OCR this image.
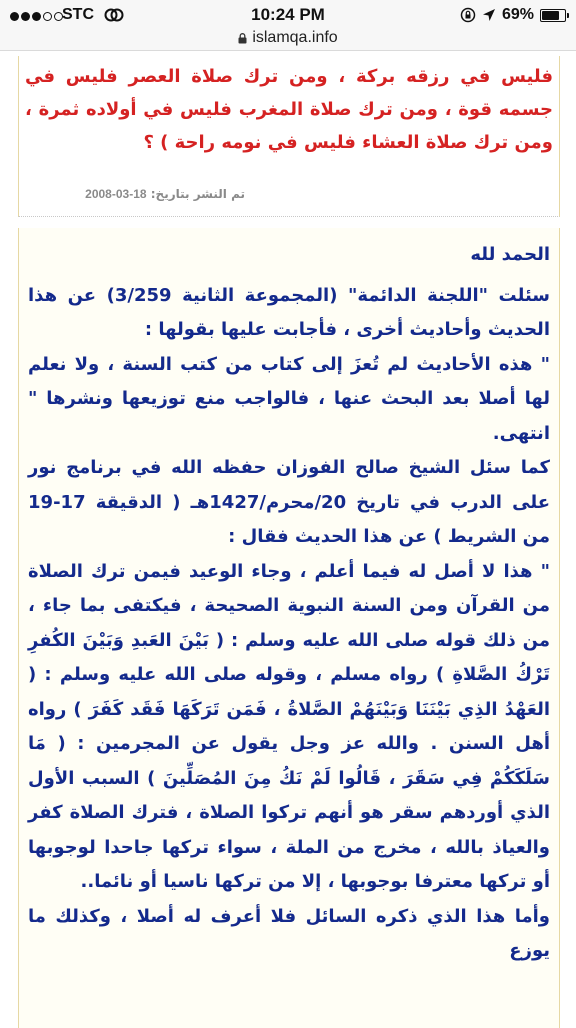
STC	10:24 PM	69%
islamqa.info

فليس في رزقه بركة ، ومن ترك صلاة العصر فليس في جسمه قوة ، ومن ترك صلاة المغرب فليس في أولاده ثمرة ، ومن ترك صلاة العشاء فليس في نومه راحة ) ؟

تم النشر بتاريخ: 18-03-2008

الحمد لله

سئلت "اللجنة الدائمة" (المجموعة الثانية 3/259) عن هذا الحديث وأحاديث أخرى ، فأجابت عليها بقولها :

" هذه الأحاديث لم تُعزَ إلى كتاب من كتب السنة ، ولا نعلم لها أصلا بعد البحث عنها ، فالواجب منع توزيعها ونشرها " انتهى.

كما سئل الشيخ صالح الفوزان حفظه الله في برنامج نور على الدرب في تاريخ 20/محرم/1427هـ ( الدقيقة 17-19 من الشريط ) عن هذا الحديث فقال :

" هذا لا أصل له فيما أعلم ، وجاء الوعيد فيمن ترك الصلاة من القرآن ومن السنة النبوية الصحيحة ، فيكتفى بما جاء ، من ذلك قوله صلى الله عليه وسلم : ( بَيْنَ العَبدِ وَبَيْنَ الكُفرِ تَرْكُ الصَّلاةِ ) رواه مسلم ، وقوله صلى الله عليه وسلم : ( العَهْدُ الذِي بَيْنَنَا وَبَيْنَهُمْ الصَّلاةُ ، فَمَن تَرَكَهَا فَقَد كَفَرَ ) رواه أهل السنن . والله عز وجل يقول عن المجرمين : ( مَا سَلَكَكُمْ فِي سَقَرَ ، قَالُوا لَمْ نَكُ مِنَ المُصَلِّينَ ) السبب الأول الذي أوردهم سقر هو أنهم تركوا الصلاة ، فترك الصلاة كفر والعياذ بالله ، مخرج من الملة ، سواء تركها جاحدا لوجوبها أو تركها معترفا بوجوبها ، إلا من تركها ناسيا أو نائما..

وأما هذا الذي ذكره السائل فلا أعرف له أصلا ، وكذلك ما يوزع
